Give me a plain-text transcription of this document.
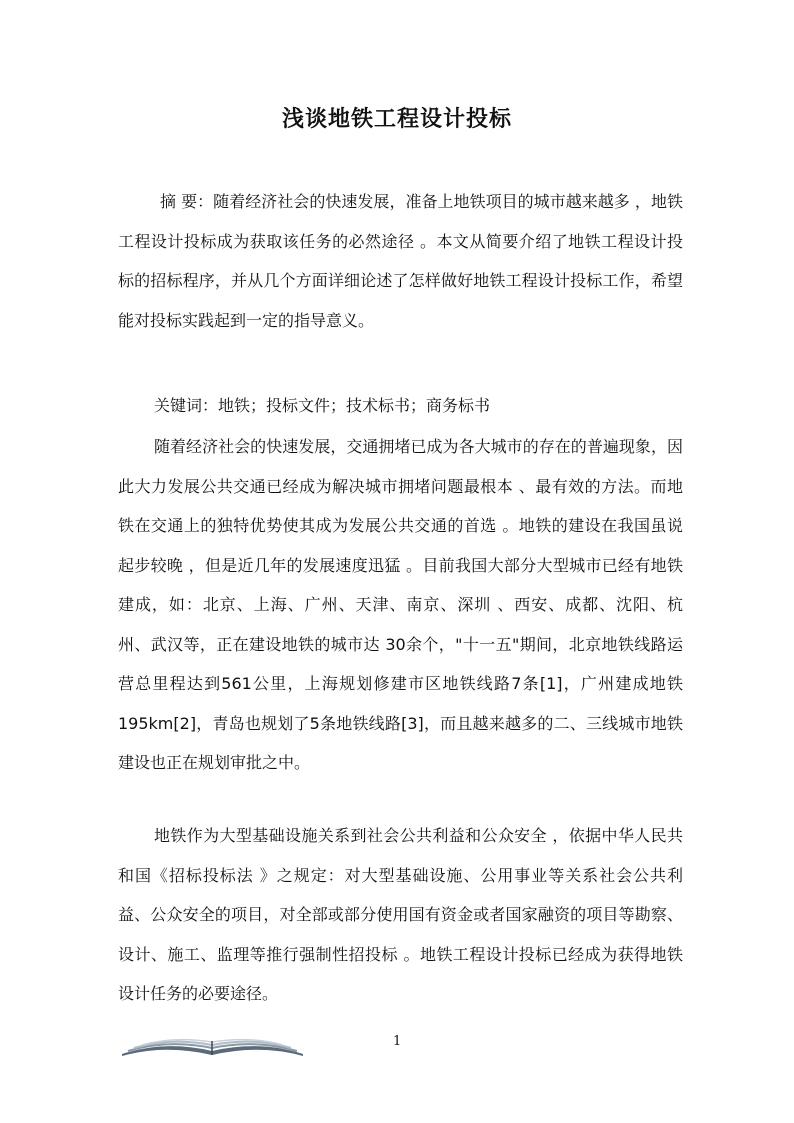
浅谈地铁工程设计投标

摘 要：随着经济社会的快速发展，准备上地铁项目的城市越来越多 ，地铁工程设计投标成为获取该任务的必然途径 。本文从简要介绍了地铁工程设计投标的招标程序，并从几个方面详细论述了怎样做好地铁工程设计投标工作，希望能对投标实践起到一定的指导意义。

关键词：地铁；投标文件；技术标书；商务标书

随着经济社会的快速发展，交通拥堵已成为各大城市的存在的普遍现象，因此大力发展公共交通已经成为解决城市拥堵问题最根本 、最有效的方法。而地铁在交通上的独特优势使其成为发展公共交通的首选 。地铁的建设在我国虽说起步较晚 ，但是近几年的发展速度迅猛 。目前我国大部分大型城市已经有地铁建成，如：北京、上海、广州、天津、南京、深圳 、西安、成都、沈阳、杭州、武汉等，正在建设地铁的城市达 30余个，"十一五"期间，北京地铁线路运营总里程达到561公里，上海规划修建市区地铁线路7条[1]，广州建成地铁195km[2]，青岛也规划了5条地铁线路[3]，而且越来越多的二、三线城市地铁建设也正在规划审批之中。

地铁作为大型基础设施关系到社会公共利益和公众安全 ，依据中华人民共和国《招标投标法 》之规定：对大型基础设施、公用事业等关系社会公共利益、公众安全的项目，对全部或部分使用国有资金或者国家融资的项目等勘察、设计、施工、监理等推行强制性招投标 。地铁工程设计投标已经成为获得地铁设计任务的必要途径。

1
